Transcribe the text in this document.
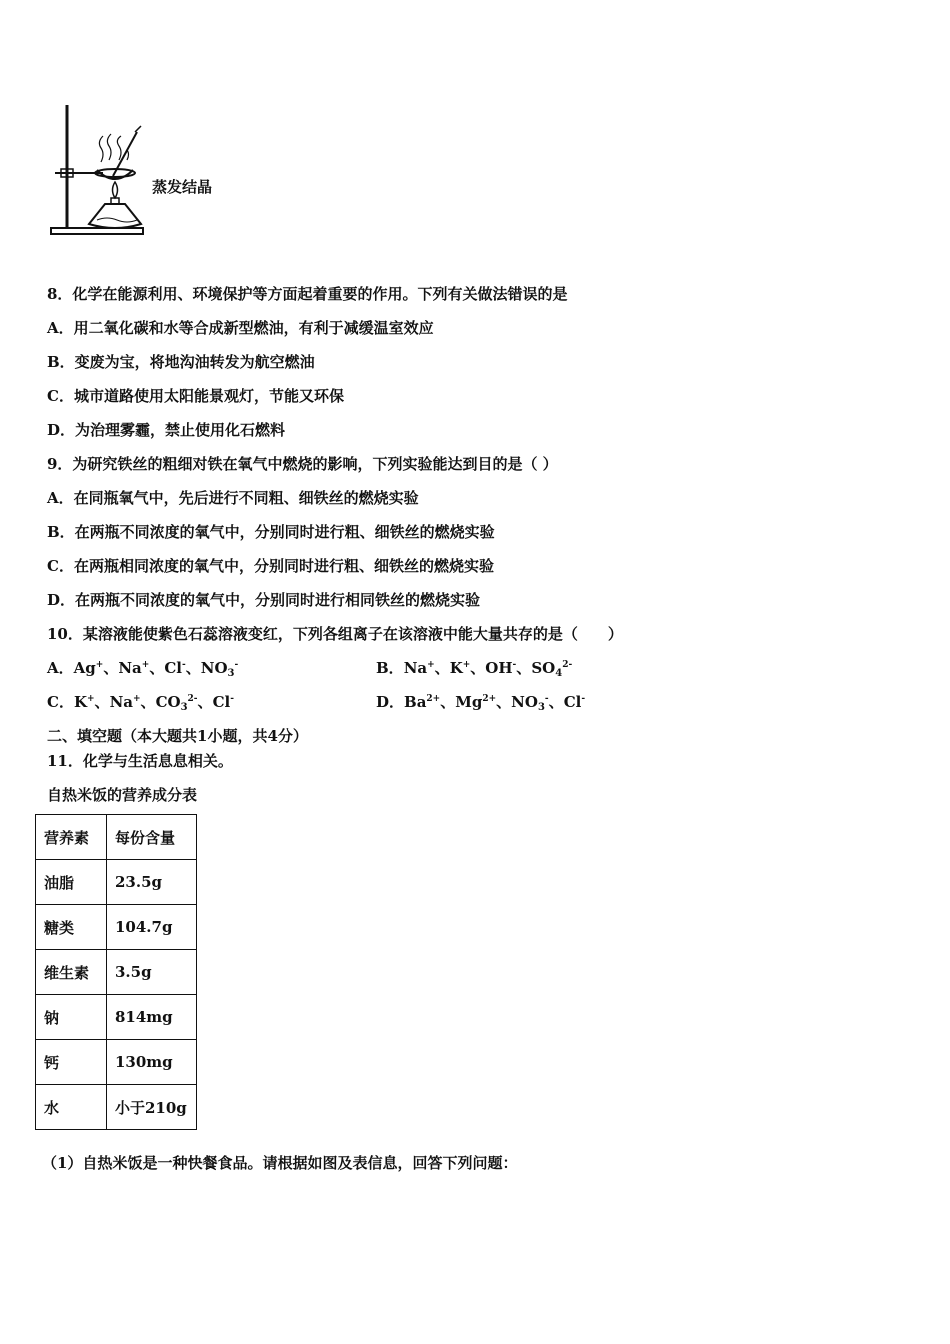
蒸发结晶
8．化学在能源利用、环境保护等方面起着重要的作用。下列有关做法错误的是
A．用二氧化碳和水等合成新型燃油，有利于减缓温室效应
B．变废为宝，将地沟油转发为航空燃油
C．城市道路使用太阳能景观灯，节能又环保
D．为治理雾霾，禁止使用化石燃料
9．为研究铁丝的粗细对铁在氧气中燃烧的影响，下列实验能达到目的是（ ）
A．在同瓶氧气中，先后进行不同粗、细铁丝的燃烧实验
B．在两瓶不同浓度的氧气中，分别同时进行粗、细铁丝的燃烧实验
C．在两瓶相同浓度的氧气中，分别同时进行粗、细铁丝的燃烧实验
D．在两瓶不同浓度的氧气中，分别同时进行相同铁丝的燃烧实验
10．某溶液能使紫色石蕊溶液变红，下列各组离子在该溶液中能大量共存的是（　　）
A．Ag+、Na+、Cl-、$NO_3^-$	B．Na+、K+、OH-、$SO_4^{2-}$
C．K+、Na+、$CO_3^{2-}$、Cl-	D．$Ba^{2+}$、$Mg^{2+}$、$NO_3^-$、Cl-
二、填空题（本大题共1小题，共4分）
11．化学与生活息息相关。
自热米饭的营养成分表
营养素	每份含量
油脂	23.5g
糖类	104.7g
维生素	3.5g
钠	814mg
钙	130mg
水	小于210g
（1）自热米饭是一种快餐食品。请根据如图及表信息，回答下列问题：
